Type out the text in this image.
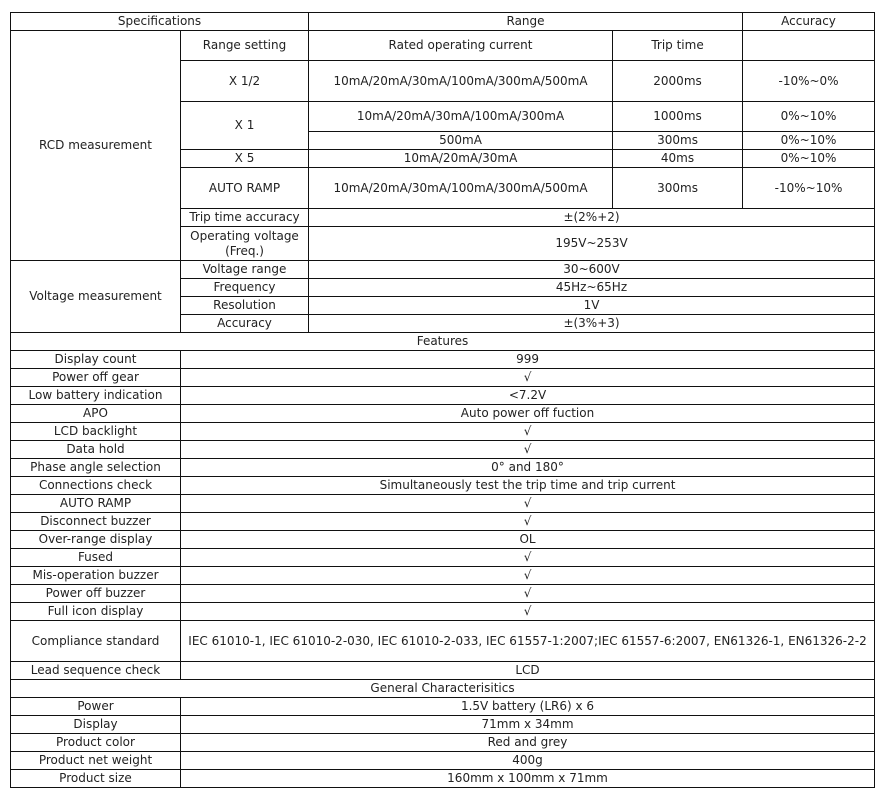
Specifications		Range		Accuracy
RCD measurement	Range setting	Rated operating current	Trip time	
	X 1/2	10mA/20mA/30mA/100mA/300mA/500mA	2000ms	-10%~0%
	X 1	10mA/20mA/30mA/100mA/300mA	1000ms	0%~10%
		500mA	300ms	0%~10%
	X 5	10mA/20mA/30mA	40ms	0%~10%
	AUTO RAMP	10mA/20mA/30mA/100mA/300mA/500mA	300ms	-10%~10%
	Trip time accuracy	±(2%+2)		
	Operating voltage (Freq.)	195V~253V		

Voltage measurement	Voltage range	30~600V		
	Frequency	45Hz~65Hz		
	Resolution	1V		
	Accuracy	±(3%+3)		
Features				
Display count	999			
Power off gear	√			
Low battery indication	<7.2V			
APO	Auto power off fuction			
LCD backlight	√			
Data hold	√			
Phase angle selection	0° and 180°			
Connections check	Simultaneously test the trip time and trip current			
AUTO RAMP	√			
Disconnect buzzer	√			
Over-range display	OL			
Fused	√			
Mis-operation buzzer	√			
Power off buzzer	√			
Full icon display	√			
Compliance standard	IEC 61010-1, IEC 61010-2-030, IEC 61010-2-033, IEC 61557-1:2007;IEC 61557-6:2007, EN61326-1, EN61326-2-2			
Lead sequence check	LCD			
General Characterisitics				
Power	1.5V battery (LR6) x 6			
Display	71mm x 34mm			
Product color	Red and grey			
Product net weight	400g			
Product size	160mm x 100mm x 71mm			
